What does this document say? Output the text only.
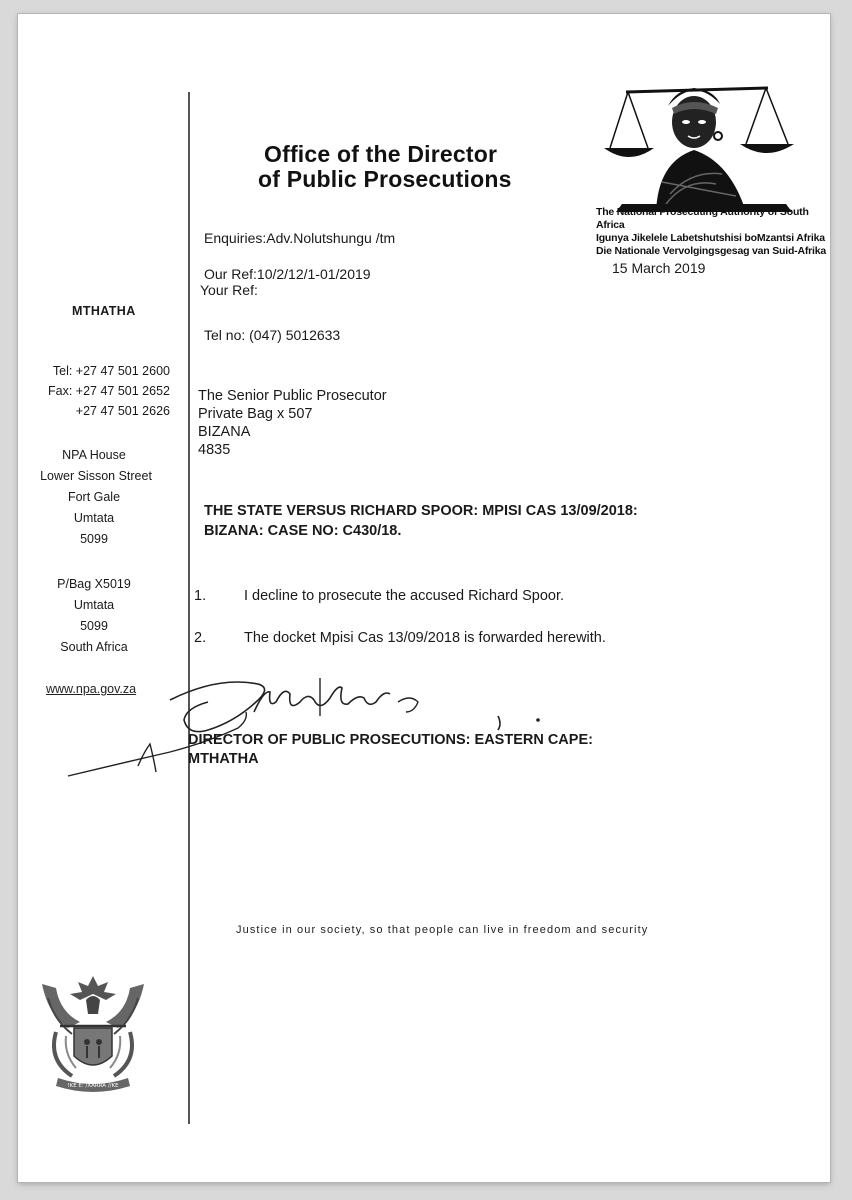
Office of the Director
of Public Prosecutions
The National Prosecuting Authority of South Africa
Igunya Jikelele Labetshutshisi boMzantsi Afrika
Die Nationale Vervolgingsgesag van Suid-Afrika
15 March 2019
Enquiries:Adv.Nolutshungu /tm
Our Ref:10/2/12/1-01/2019
Your Ref:
Tel no: (047) 5012633
The Senior Public Prosecutor
Private Bag x 507
BIZANA
4835
MTHATHA
Tel: +27 47 501 2600
Fax: +27 47 501 2652
+27 47 501 2626
NPA House
Lower Sisson Street
Fort Gale
Umtata
5099
P/Bag X5019
Umtata
5099
South Africa
www.npa.gov.za
THE STATE VERSUS RICHARD SPOOR: MPISI CAS 13/09/2018:
BIZANA: CASE NO: C430/18.
1.	I decline to prosecute the accused Richard Spoor.
2.	The docket Mpisi Cas 13/09/2018 is forwarded herewith.
DIRECTOR OF PUBLIC PROSECUTIONS: EASTERN CAPE:
MTHATHA
!KE E: /XARRA //KE
Justice in our society, so that people can live in freedom and security
